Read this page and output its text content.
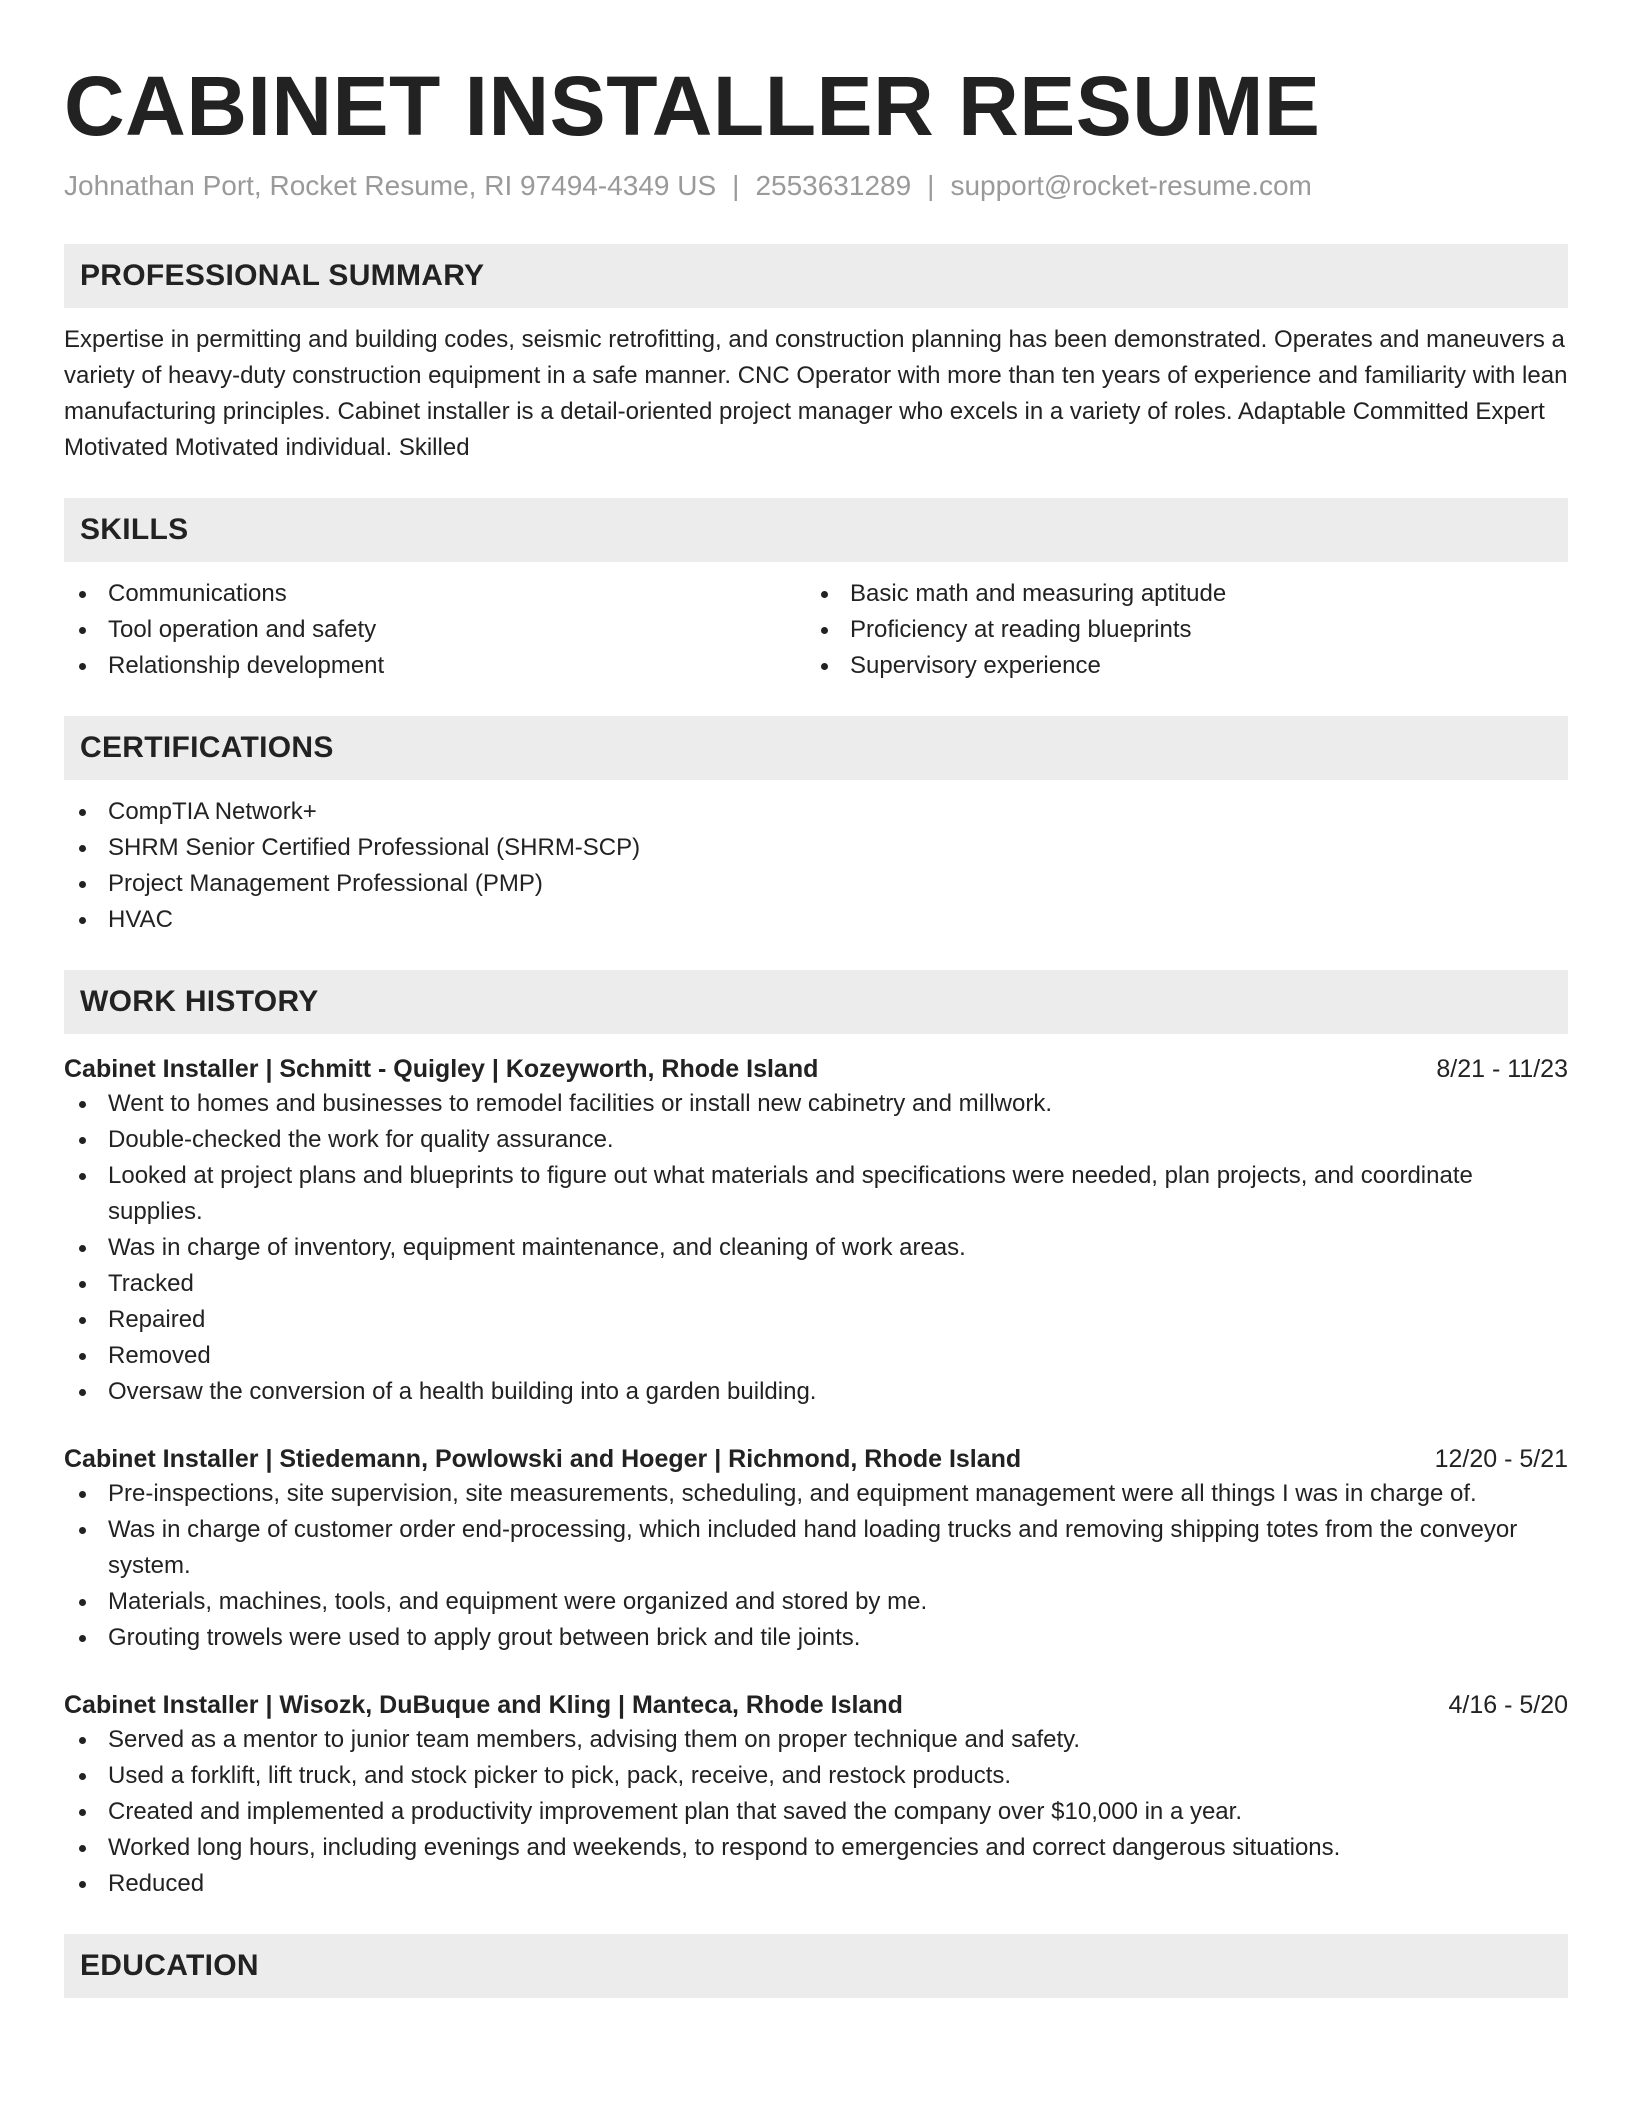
CABINET INSTALLER RESUME
Johnathan Port, Rocket Resume, RI 97494-4349 US | 2553631289 | support@rocket-resume.com
PROFESSIONAL SUMMARY

Expertise in permitting and building codes, seismic retrofitting, and construction planning has been demonstrated. Operates and maneuvers a variety of heavy-duty construction equipment in a safe manner. CNC Operator with more than ten years of experience and familiarity with lean manufacturing principles. Cabinet installer is a detail-oriented project manager who excels in a variety of roles. Adaptable Committed Expert Motivated Motivated individual. Skilled

SKILLS
Communications
Tool operation and safety
Relationship development
Basic math and measuring aptitude
Proficiency at reading blueprints
Supervisory experience
CERTIFICATIONS
CompTIA Network+
SHRM Senior Certified Professional (SHRM-SCP)
Project Management Professional (PMP)
HVAC
WORK HISTORY
Cabinet Installer | Schmitt - Quigley | Kozeyworth, Rhode Island	8/21 - 11/23
Went to homes and businesses to remodel facilities or install new cabinetry and millwork.
Double-checked the work for quality assurance.
Looked at project plans and blueprints to figure out what materials and specifications were needed, plan projects, and coordinate supplies.
Was in charge of inventory, equipment maintenance, and cleaning of work areas.
Tracked
Repaired
Removed
Oversaw the conversion of a health building into a garden building.
Cabinet Installer | Stiedemann, Powlowski and Hoeger | Richmond, Rhode Island	12/20 - 5/21
Pre-inspections, site supervision, site measurements, scheduling, and equipment management were all things I was in charge of.
Was in charge of customer order end-processing, which included hand loading trucks and removing shipping totes from the conveyor system.
Materials, machines, tools, and equipment were organized and stored by me.
Grouting trowels were used to apply grout between brick and tile joints.
Cabinet Installer | Wisozk, DuBuque and Kling | Manteca, Rhode Island	4/16 - 5/20
Served as a mentor to junior team members, advising them on proper technique and safety.
Used a forklift, lift truck, and stock picker to pick, pack, receive, and restock products.
Created and implemented a productivity improvement plan that saved the company over $10,000 in a year.
Worked long hours, including evenings and weekends, to respond to emergencies and correct dangerous situations.
Reduced
EDUCATION
